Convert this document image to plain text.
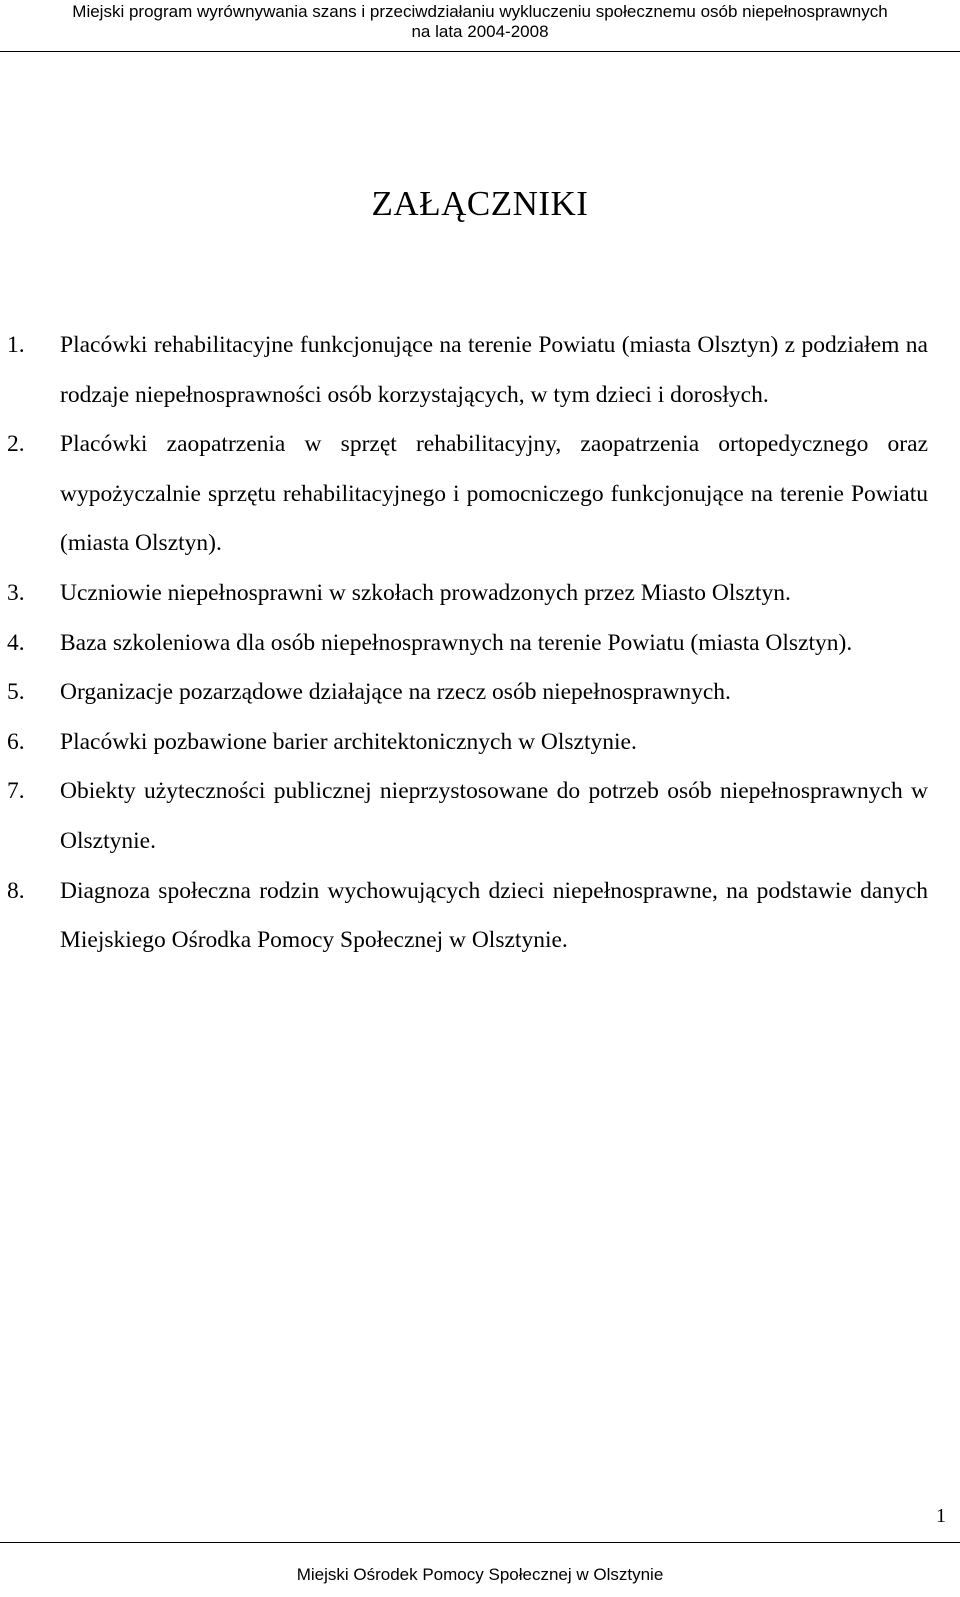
Miejski program wyrównywania szans i przeciwdziałaniu wykluczeniu społecznemu osób niepełnosprawnych
na lata 2004-2008
ZAŁĄCZNIKI
1. Placówki rehabilitacyjne funkcjonujące na terenie Powiatu (miasta Olsztyn) z podziałem na rodzaje niepełnosprawności osób korzystających, w tym dzieci i dorosłych.
2. Placówki zaopatrzenia w sprzęt rehabilitacyjny, zaopatrzenia ortopedycznego oraz wypożyczalnie sprzętu rehabilitacyjnego i pomocniczego funkcjonujące na terenie Powiatu (miasta Olsztyn).
3. Uczniowie niepełnosprawni w szkołach prowadzonych przez Miasto Olsztyn.
4. Baza szkoleniowa dla osób niepełnosprawnych na terenie Powiatu (miasta Olsztyn).
5. Organizacje pozarządowe działające na rzecz osób niepełnosprawnych.
6. Placówki pozbawione barier architektonicznych w Olsztynie.
7. Obiekty użyteczności publicznej nieprzystosowane do potrzeb osób niepełnosprawnych w Olsztynie.
8. Diagnoza społeczna rodzin wychowujących dzieci niepełnosprawne, na podstawie danych Miejskiego Ośrodka Pomocy Społecznej w Olsztynie.
1
Miejski Ośrodek Pomocy Społecznej w Olsztynie
